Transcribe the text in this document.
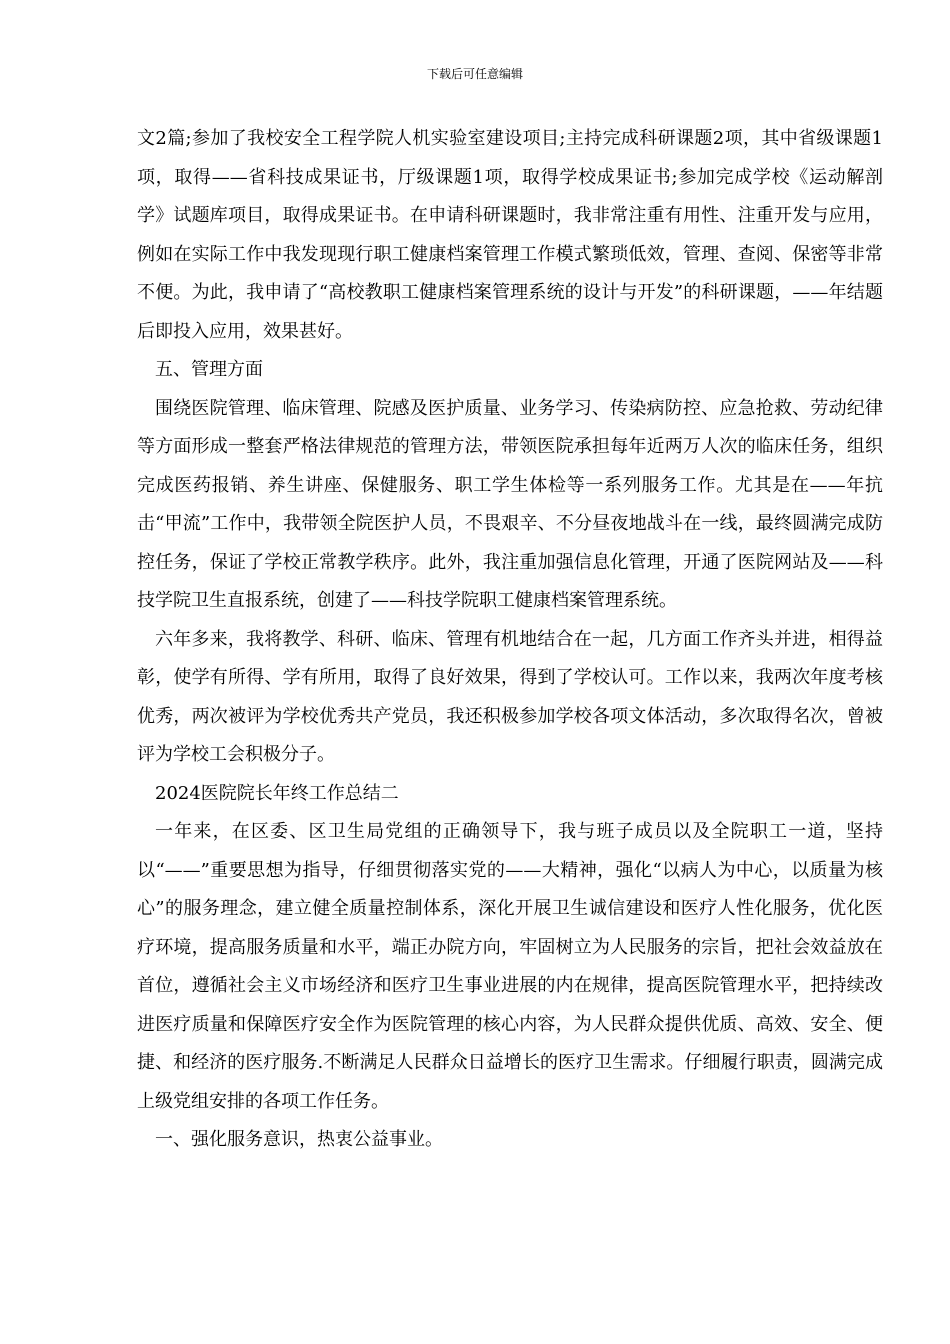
下载后可任意编辑

文2篇;参加了我校安全工程学院人机实验室建设项目;主持完成科研课题2项，其中省级课题1项，取得——省科技成果证书，厅级课题1项，取得学校成果证书;参加完成学校《运动解剖学》试题库项目，取得成果证书。在申请科研课题时，我非常注重有用性、注重开发与应用，例如在实际工作中我发现现行职工健康档案管理工作模式繁琐低效，管理、查阅、保密等非常不便。为此，我申请了“高校教职工健康档案管理系统的设计与开发”的科研课题，——年结题后即投入应用，效果甚好。

五、管理方面

围绕医院管理、临床管理、院感及医护质量、业务学习、传染病防控、应急抢救、劳动纪律等方面形成一整套严格法律规范的管理方法，带领医院承担每年近两万人次的临床任务，组织完成医药报销、养生讲座、保健服务、职工学生体检等一系列服务工作。尤其是在——年抗击“甲流”工作中，我带领全院医护人员，不畏艰辛、不分昼夜地战斗在一线，最终圆满完成防控任务，保证了学校正常教学秩序。此外，我注重加强信息化管理，开通了医院网站及——科技学院卫生直报系统，创建了——科技学院职工健康档案管理系统。

六年多来，我将教学、科研、临床、管理有机地结合在一起，几方面工作齐头并进，相得益彰，使学有所得、学有所用，取得了良好效果，得到了学校认可。工作以来，我两次年度考核优秀，两次被评为学校优秀共产党员，我还积极参加学校各项文体活动，多次取得名次，曾被评为学校工会积极分子。

2024医院院长年终工作总结二

一年来，在区委、区卫生局党组的正确领导下，我与班子成员以及全院职工一道，坚持以“——”重要思想为指导，仔细贯彻落实党的——大精神，强化“以病人为中心，以质量为核心”的服务理念，建立健全质量控制体系，深化开展卫生诚信建设和医疗人性化服务，优化医疗环境，提高服务质量和水平，端正办院方向，牢固树立为人民服务的宗旨，把社会效益放在首位，遵循社会主义市场经济和医疗卫生事业进展的内在规律，提高医院管理水平，把持续改进医疗质量和保障医疗安全作为医院管理的核心内容，为人民群众提供优质、高效、安全、便捷、和经济的医疗服务.不断满足人民群众日益增长的医疗卫生需求。仔细履行职责，圆满完成上级党组安排的各项工作任务。

一、强化服务意识，热衷公益事业。
